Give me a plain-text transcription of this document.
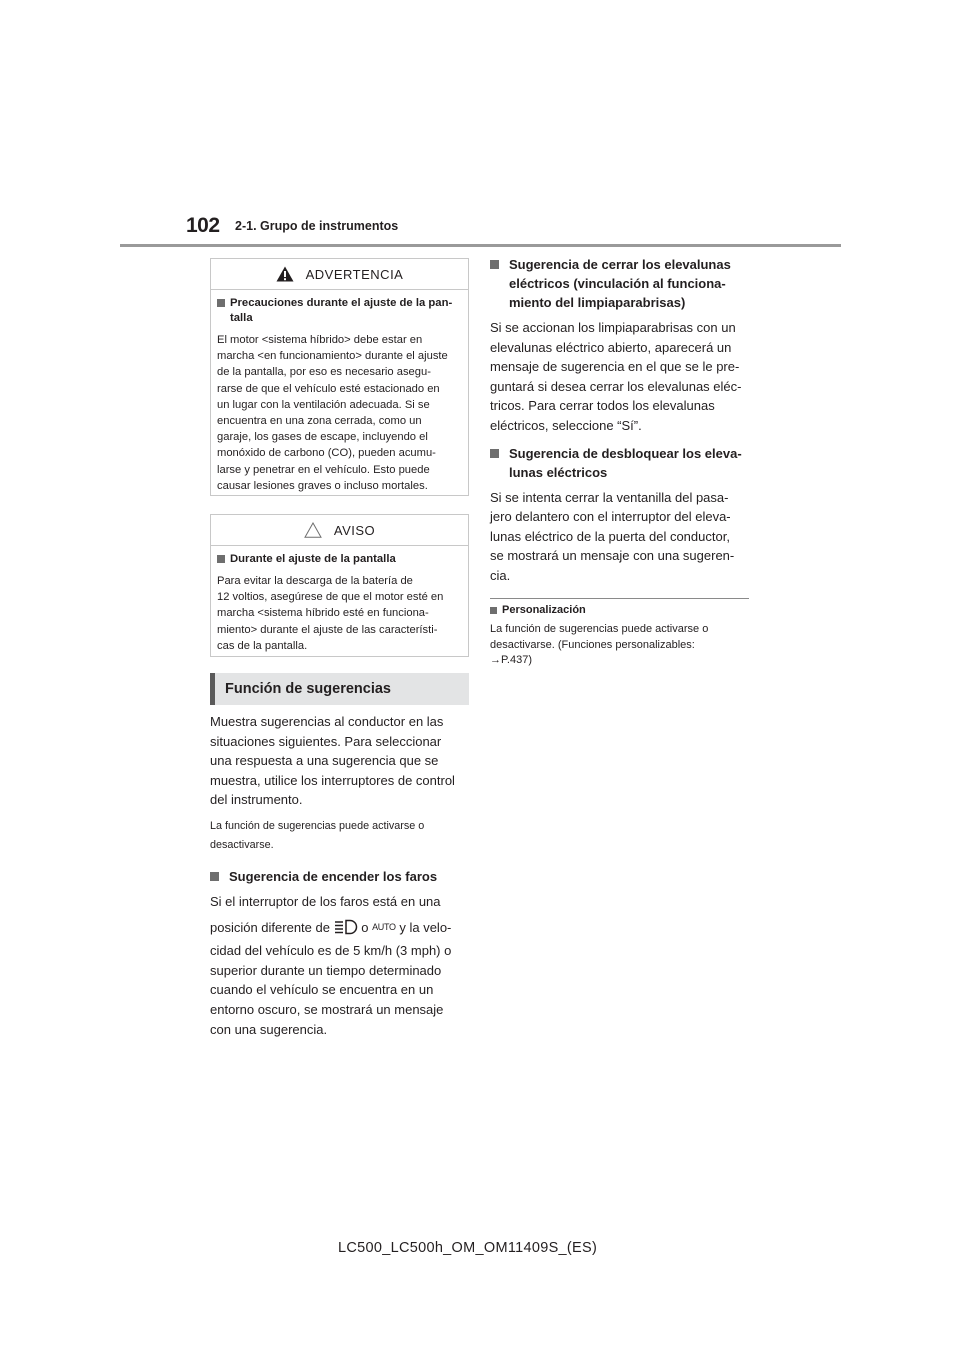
102 2-1. Grupo de instrumentos
ADVERTENCIA
Precauciones durante el ajuste de la pan-
talla

El motor <sistema híbrido> debe estar en
marcha <en funcionamiento> durante el ajuste
de la pantalla, por eso es necesario asegu-
rarse de que el vehículo esté estacionado en
un lugar con la ventilación adecuada. Si se
encuentra en una zona cerrada, como un
garaje, los gases de escape, incluyendo el
monóxido de carbono (CO), pueden acumu-
larse y penetrar en el vehículo. Esto puede
causar lesiones graves o incluso mortales.

AVISO
Durante el ajuste de la pantalla

Para evitar la descarga de la batería de
12 voltios, asegúrese de que el motor esté en
marcha <sistema híbrido esté en funciona-
miento> durante el ajuste de las característi-
cas de la pantalla.

Función de sugerencias

Muestra sugerencias al conductor en las
situaciones siguientes. Para seleccionar
una respuesta a una sugerencia que se
muestra, utilice los interruptores de control
del instrumento.

La función de sugerencias puede activarse o
desactivarse.

Sugerencia de encender los faros

Si el interruptor de los faros está en una

posición diferente de o AUTO y la velo-

cidad del vehículo es de 5 km/h (3 mph) o
superior durante un tiempo determinado
cuando el vehículo se encuentra en un
entorno oscuro, se mostrará un mensaje
con una sugerencia.

Sugerencia de cerrar los elevalunas
eléctricos (vinculación al funciona-
miento del limpiaparabrisas)

Si se accionan los limpiaparabrisas con un
elevalunas eléctrico abierto, aparecerá un
mensaje de sugerencia en el que se le pre-
guntará si desea cerrar los elevalunas eléc-
tricos. Para cerrar todos los elevalunas
eléctricos, seleccione “Sí”.

Sugerencia de desbloquear los eleva-
lunas eléctricos

Si se intenta cerrar la ventanilla del pasa-
jero delantero con el interruptor del eleva-
lunas eléctrico de la puerta del conductor,
se mostrará un mensaje con una sugeren-
cia.

Personalización

La función de sugerencias puede activarse o
desactivarse. (Funciones personalizables:
→P.437)

LC500_LC500h_OM_OM11409S_(ES)
